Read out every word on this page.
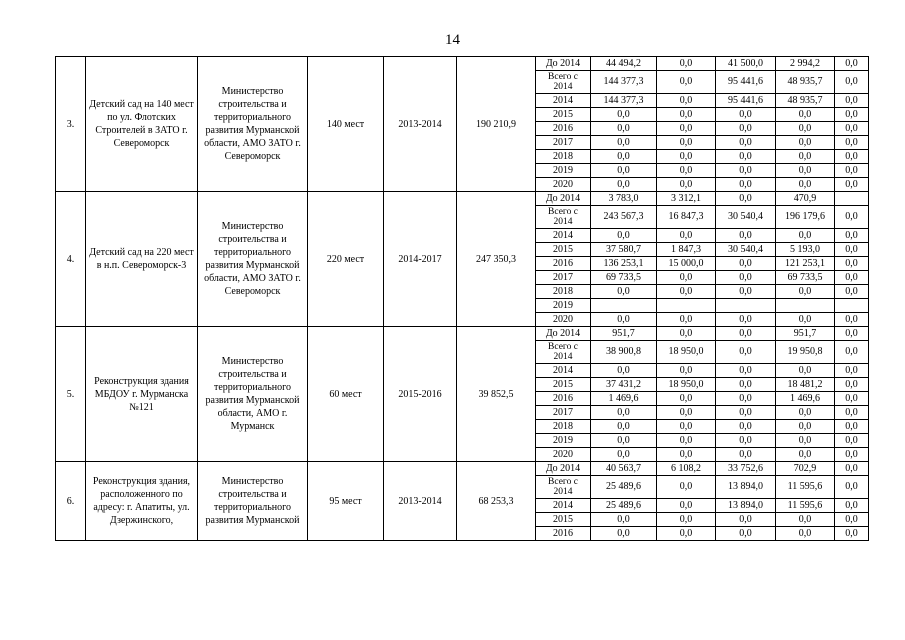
14
3.	Детский сад на 140 мест по ул. Флотских Строителей в ЗАТО г. Североморск	Министерство строительства и территориального развития Мурманской области, АМО ЗАТО г. Североморск	140 мест	2013-2014	190 210,9	До 2014	44 494,2	0,0	41 500,0	2 994,2	0,0
						Всего с 2014	144 377,3	0,0	95 441,6	48 935,7	0,0
						2014	144 377,3	0,0	95 441,6	48 935,7	0,0
						2015	0,0	0,0	0,0	0,0	0,0
						2016	0,0	0,0	0,0	0,0	0,0
						2017	0,0	0,0	0,0	0,0	0,0
						2018	0,0	0,0	0,0	0,0	0,0
						2019	0,0	0,0	0,0	0,0	0,0
						2020	0,0	0,0	0,0	0,0	0,0
4.	Детский сад на 220 мест в н.п. Североморск-3	Министерство строительства и территориального развития Мурманской области, АМО ЗАТО г. Североморск	220 мест	2014-2017	247 350,3	До 2014	3 783,0	3 312,1	0,0	470,9	
						Всего с 2014	243 567,3	16 847,3	30 540,4	196 179,6	0,0
						2014	0,0	0,0	0,0	0,0	0,0
						2015	37 580,7	1 847,3	30 540,4	5 193,0	0,0
						2016	136 253,1	15 000,0	0,0	121 253,1	0,0
						2017	69 733,5	0,0	0,0	69 733,5	0,0
						2018	0,0	0,0	0,0	0,0	0,0
						2019					
						2020	0,0	0,0	0,0	0,0	0,0
5.	Реконструкция здания МБДОУ г. Мурманска №121	Министерство строительства и территориального развития Мурманской области, АМО г. Мурманск	60 мест	2015-2016	39 852,5	До 2014	951,7	0,0	0,0	951,7	0,0
						Всего с 2014	38 900,8	18 950,0	0,0	19 950,8	0,0
						2014	0,0	0,0	0,0	0,0	0,0
						2015	37 431,2	18 950,0	0,0	18 481,2	0,0
						2016	1 469,6	0,0	0,0	1 469,6	0,0
						2017	0,0	0,0	0,0	0,0	0,0
						2018	0,0	0,0	0,0	0,0	0,0
						2019	0,0	0,0	0,0	0,0	0,0
						2020	0,0	0,0	0,0	0,0	0,0
6.	Реконструкция здания, расположенного по адресу: г. Апатиты, ул. Дзержинского,	Министерство строительства и территориального развития Мурманской	95 мест	2013-2014	68 253,3	До 2014	40 563,7	6 108,2	33 752,6	702,9	0,0
						Всего с 2014	25 489,6	0,0	13 894,0	11 595,6	0,0
						2014	25 489,6	0,0	13 894,0	11 595,6	0,0
						2015	0,0	0,0	0,0	0,0	0,0
						2016	0,0	0,0	0,0	0,0	0,0
